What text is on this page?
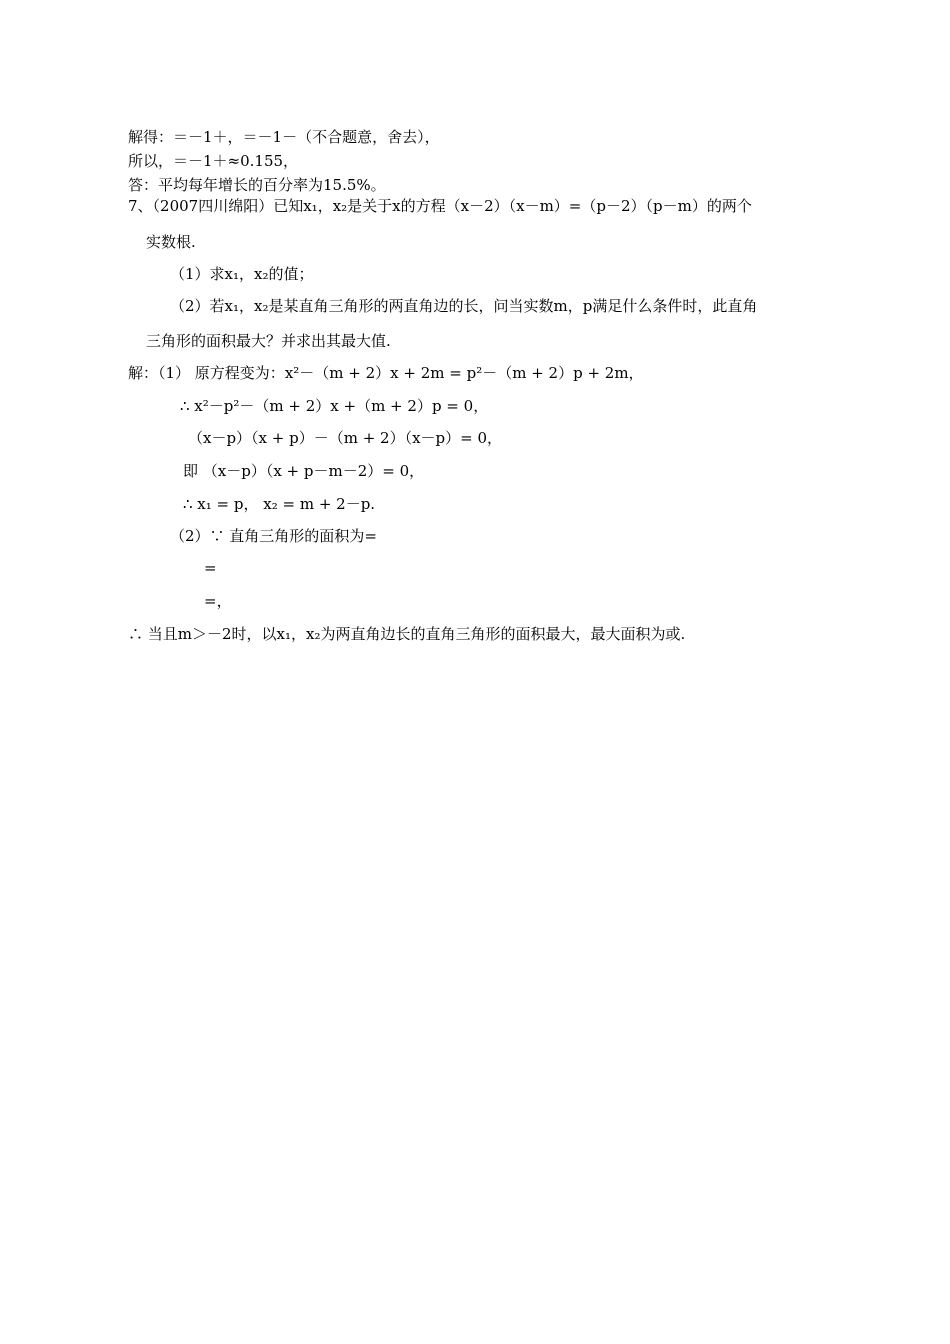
解得：＝－1＋，＝－1－（不合题意，舍去），
所以，＝－1＋≈0.155，
答：平均每年增长的百分率为15.5%。
7、（2007四川绵阳）已知x₁，x₂是关于x的方程（x－2）（x－m）=（p－2）（p－m）的两个
实数根.
（1）求x₁，x₂的值；
（2）若x₁，x₂是某直角三角形的两直角边的长，问当实数m，p满足什么条件时，此直角
三角形的面积最大？并求出其最大值.
解：（1） 原方程变为：x²－（m + 2）x + 2m = p²－（m + 2）p + 2m，
∴ x²－p²－（m + 2）x +（m + 2）p = 0，
（x－p）（x + p）－（m + 2）（x－p）= 0，
即 （x－p）（x + p－m－2）= 0，
∴ x₁ = p， x₂ = m + 2－p.
（2）∵ 直角三角形的面积为=
=
=，
∴ 当且m＞－2时，以x₁，x₂为两直角边长的直角三角形的面积最大，最大面积为或.
